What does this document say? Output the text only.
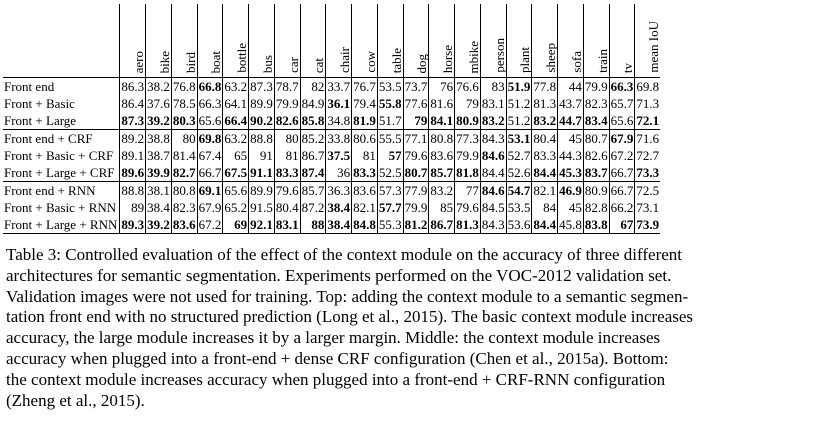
	aero	bike	bird	boat	bottle	bus	car	cat	chair	cow	table	dog	horse	mbike	person	plant	sheep	sofa	train	tv	mean IoU
Front end	86.3	38.2	76.8	66.8	63.2	87.3	78.7	82	33.7	76.7	53.5	73.7	76	76.6	83	51.9	77.8	44	79.9	66.3	69.8
Front + Basic	86.4	37.6	78.5	66.3	64.1	89.9	79.9	84.9	36.1	79.4	55.8	77.6	81.6	79	83.1	51.2	81.3	43.7	82.3	65.7	71.3
Front + Large	87.3	39.2	80.3	65.6	66.4	90.2	82.6	85.8	34.8	81.9	51.7	79	84.1	80.9	83.2	51.2	83.2	44.7	83.4	65.6	72.1
Front end + CRF	89.2	38.8	80	69.8	63.2	88.8	80	85.2	33.8	80.6	55.5	77.1	80.8	77.3	84.3	53.1	80.4	45	80.7	67.9	71.6
Front + Basic + CRF	89.1	38.7	81.4	67.4	65	91	81	86.7	37.5	81	57	79.6	83.6	79.9	84.6	52.7	83.3	44.3	82.6	67.2	72.7
Front + Large + CRF	89.6	39.9	82.7	66.7	67.5	91.1	83.3	87.4	36	83.3	52.5	80.7	85.7	81.8	84.4	52.6	84.4	45.3	83.7	66.7	73.3
Front end + RNN	88.8	38.1	80.8	69.1	65.6	89.9	79.6	85.7	36.3	83.6	57.3	77.9	83.2	77	84.6	54.7	82.1	46.9	80.9	66.7	72.5
Front + Basic + RNN	89	38.4	82.3	67.9	65.2	91.5	80.4	87.2	38.4	82.1	57.7	79.9	85	79.6	84.5	53.5	84	45	82.8	66.2	73.1
Front + Large + RNN	89.3	39.2	83.6	67.2	69	92.1	83.1	88	38.4	84.8	55.3	81.2	86.7	81.3	84.3	53.6	84.4	45.8	83.8	67	73.9
Table 3: Controlled evaluation of the effect of the context module on the accuracy of three different
architectures for semantic segmentation. Experiments performed on the VOC-2012 validation set.
Validation images were not used for training. Top: adding the context module to a semantic segmen-
tation front end with no structured prediction (Long et al., 2015). The basic context module increases
accuracy, the large module increases it by a larger margin. Middle: the context module increases
accuracy when plugged into a front-end + dense CRF configuration (Chen et al., 2015a). Bottom:
the context module increases accuracy when plugged into a front-end + CRF-RNN configuration
(Zheng et al., 2015).
